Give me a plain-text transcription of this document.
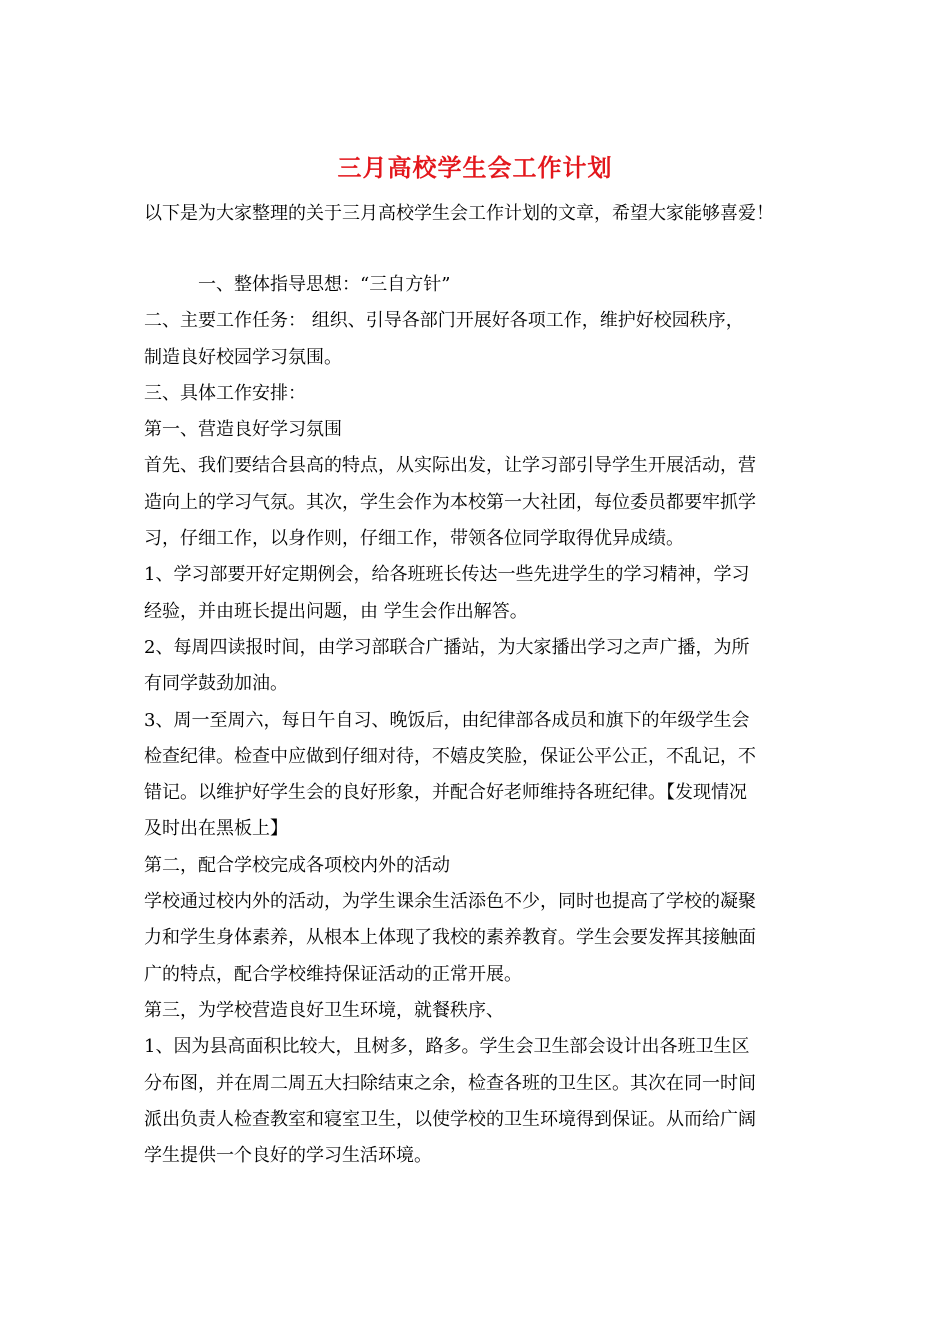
三月高校学生会工作计划
以下是为大家整理的关于三月高校学生会工作计划的文章，希望大家能够喜爱！
　　　一、整体指导思想：“三自方针”
二、主要工作任务： 组织、引导各部门开展好各项工作，维护好校园秩序，
制造良好校园学习氛围。
三、具体工作安排：
第一、营造良好学习氛围
首先、我们要结合县高的特点，从实际出发，让学习部引导学生开展活动，营
造向上的学习气氛。其次，学生会作为本校第一大社团，每位委员都要牢抓学
习，仔细工作，以身作则，仔细工作，带领各位同学取得优异成绩。
1、学习部要开好定期例会，给各班班长传达一些先进学生的学习精神，学习
经验，并由班长提出问题，由 学生会作出解答。
2、每周四读报时间，由学习部联合广播站，为大家播出学习之声广播，为所
有同学鼓劲加油。
3、周一至周六，每日午自习、晚饭后，由纪律部各成员和旗下的年级学生会
检查纪律。检查中应做到仔细对待，不嬉皮笑脸，保证公平公正，不乱记，不
错记。以维护好学生会的良好形象，并配合好老师维持各班纪律。【发现情况
及时出在黑板上】
第二，配合学校完成各项校内外的活动
学校通过校内外的活动，为学生课余生活添色不少，同时也提高了学校的凝聚
力和学生身体素养，从根本上体现了我校的素养教育。学生会要发挥其接触面
广的特点，配合学校维持保证活动的正常开展。
第三，为学校营造良好卫生环境，就餐秩序、
1、因为县高面积比较大，且树多，路多。学生会卫生部会设计出各班卫生区
分布图，并在周二周五大扫除结束之余，检查各班的卫生区。其次在同一时间
派出负责人检查教室和寝室卫生，以使学校的卫生环境得到保证。从而给广阔
学生提供一个良好的学习生活环境。
